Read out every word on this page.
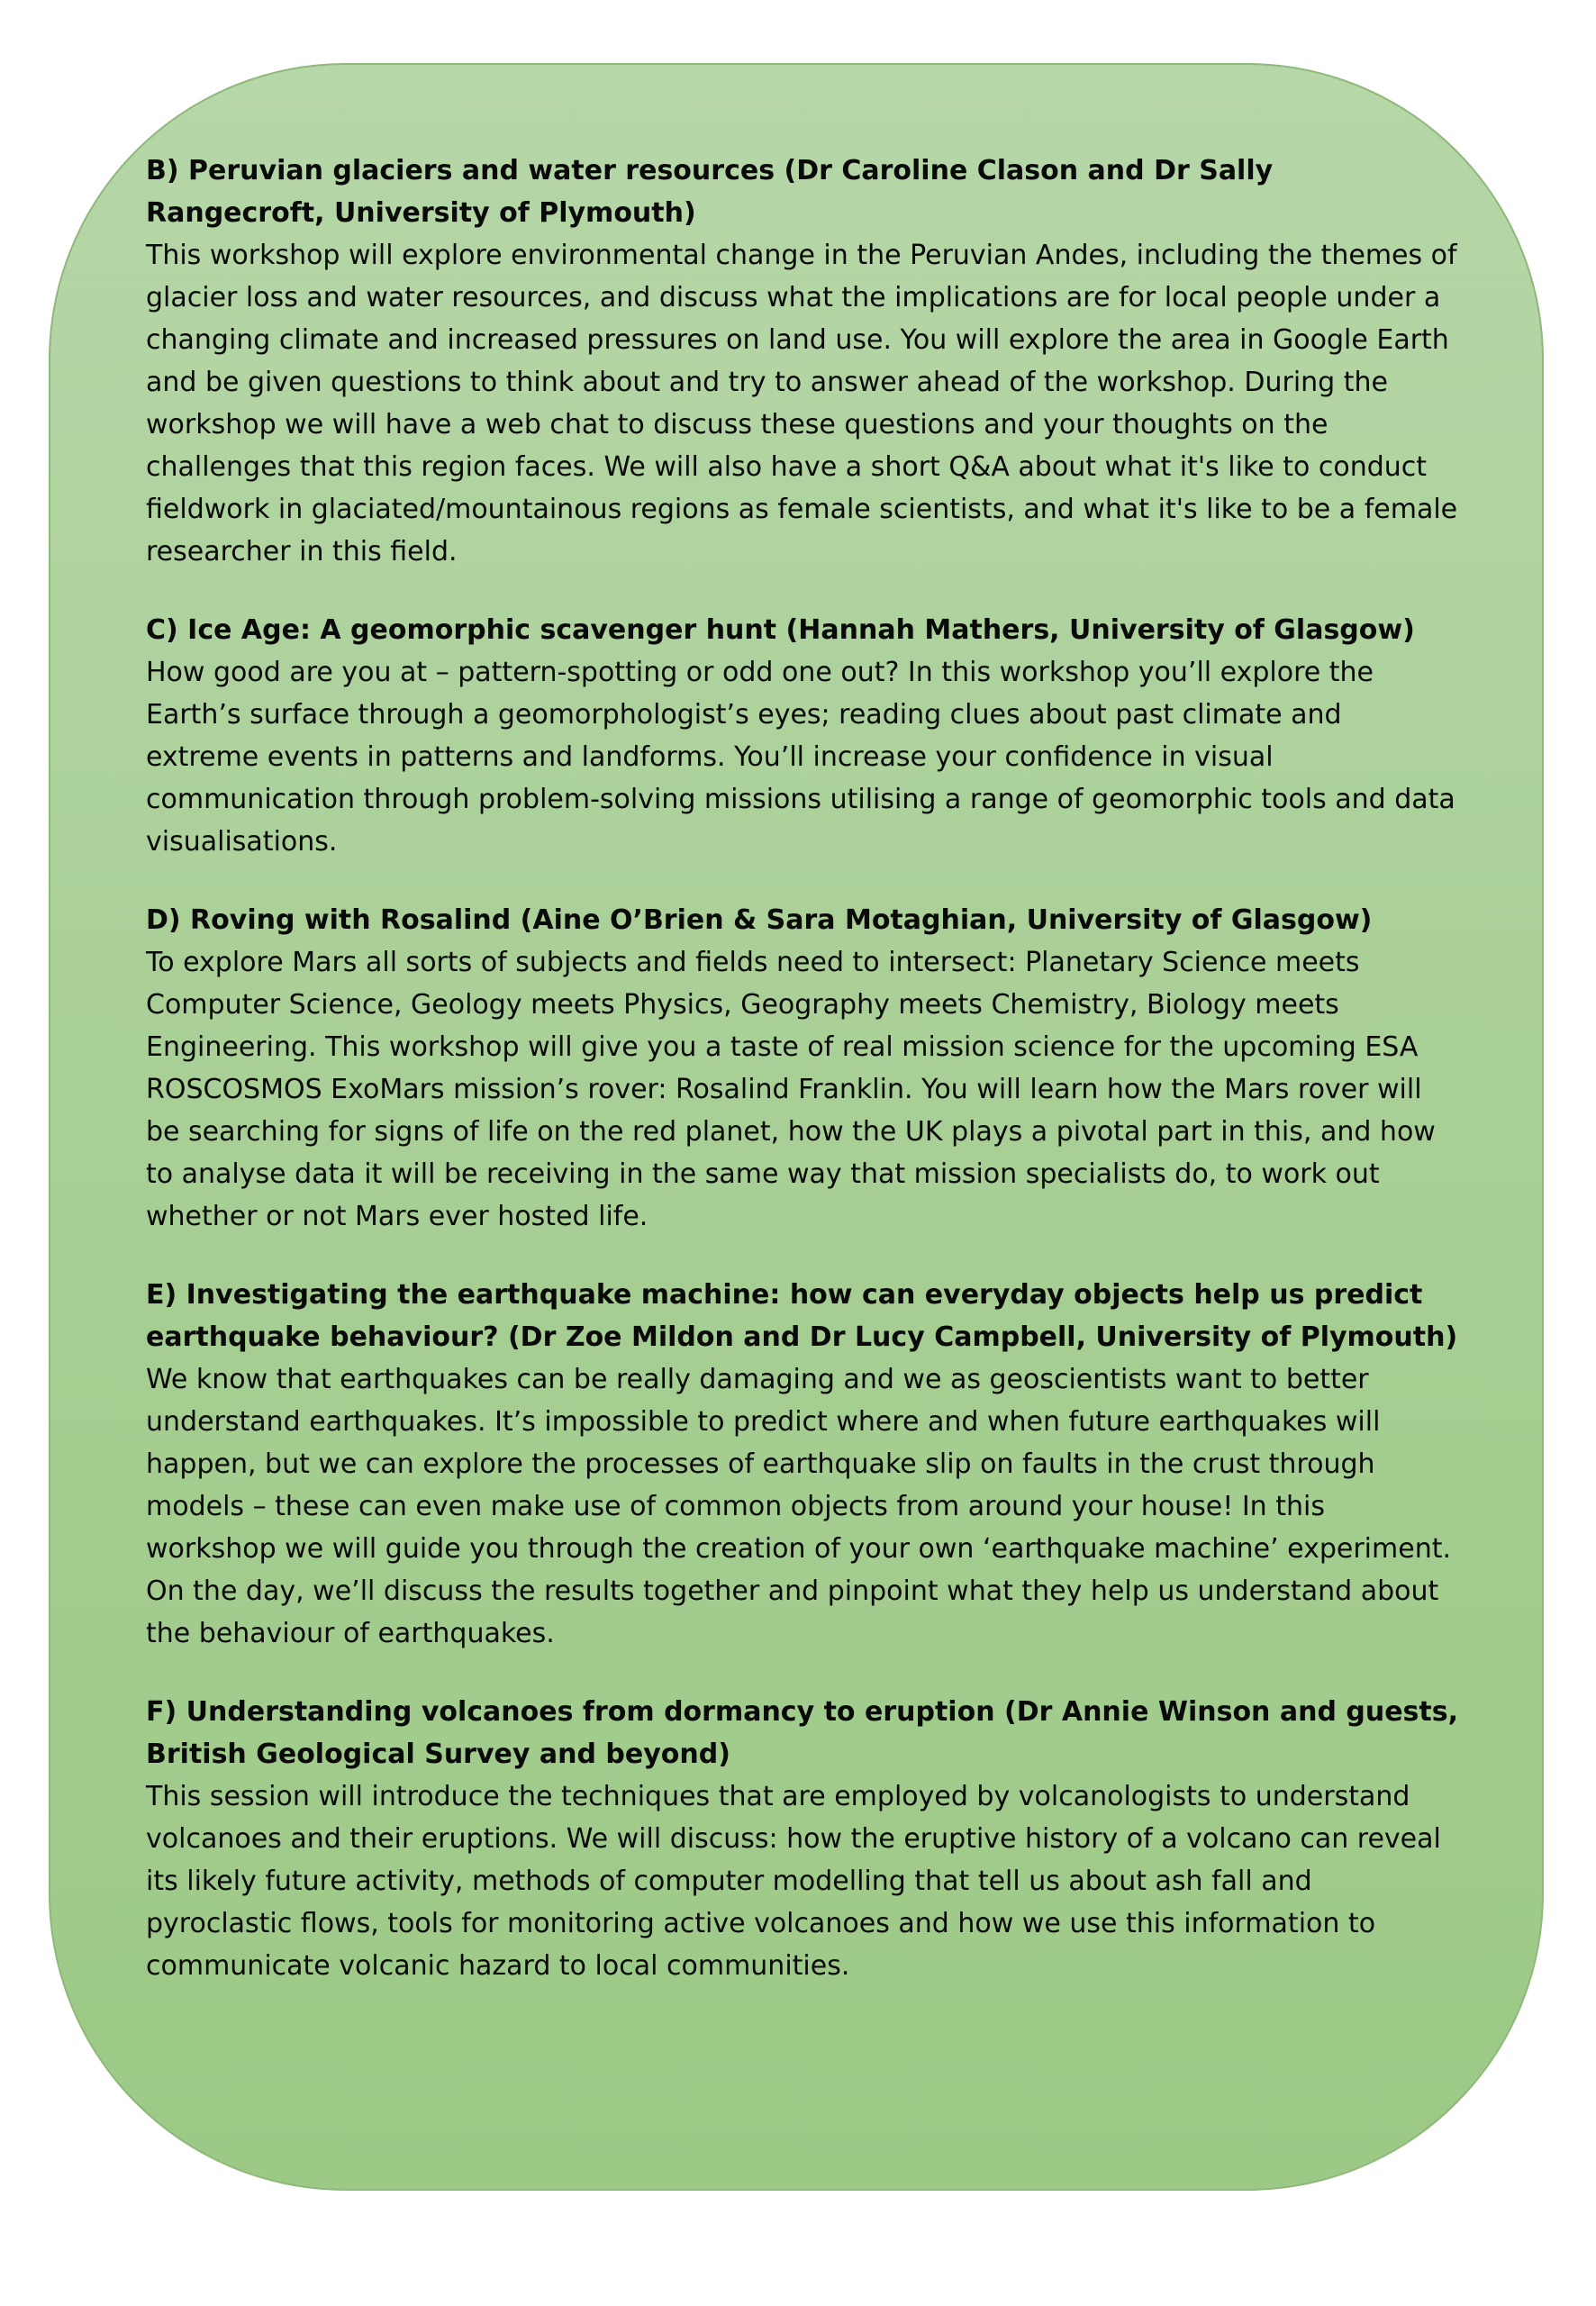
B) Peruvian glaciers and water resources (Dr Caroline Clason and Dr Sally Rangecroft, University of Plymouth)

This workshop will explore environmental change in the Peruvian Andes, including the themes of glacier loss and water resources, and discuss what the implications are for local people under a changing climate and increased pressures on land use. You will explore the area in Google Earth and be given questions to think about and try to answer ahead of the workshop. During the workshop we will have a web chat to discuss these questions and your thoughts on the challenges that this region faces. We will also have a short Q&A about what it's like to conduct fieldwork in glaciated/mountainous regions as female scientists, and what it's like to be a female researcher in this field.

C) Ice Age: A geomorphic scavenger hunt (Hannah Mathers, University of Glasgow)

How good are you at – pattern-spotting or odd one out? In this workshop you’ll explore the Earth’s surface through a geomorphologist’s eyes; reading clues about past climate and extreme events in patterns and landforms. You’ll increase your confidence in visual communication through problem-solving missions utilising a range of geomorphic tools and data visualisations.

D) Roving with Rosalind (Aine O’Brien & Sara Motaghian, University of Glasgow)

To explore Mars all sorts of subjects and fields need to intersect: Planetary Science meets Computer Science, Geology meets Physics, Geography meets Chemistry, Biology meets Engineering. This workshop will give you a taste of real mission science for the upcoming ESA ROSCOSMOS ExoMars mission’s rover: Rosalind Franklin. You will learn how the Mars rover will be searching for signs of life on the red planet, how the UK plays a pivotal part in this, and how to analyse data it will be receiving in the same way that mission specialists do, to work out whether or not Mars ever hosted life.

E) Investigating the earthquake machine: how can everyday objects help us predict earthquake behaviour? (Dr Zoe Mildon and Dr Lucy Campbell, University of Plymouth)

We know that earthquakes can be really damaging and we as geoscientists want to better understand earthquakes. It’s impossible to predict where and when future earthquakes will happen, but we can explore the processes of earthquake slip on faults in the crust through models – these can even make use of common objects from around your house! In this workshop we will guide you through the creation of your own ‘earthquake machine’ experiment. On the day, we’ll discuss the results together and pinpoint what they help us understand about the behaviour of earthquakes.

F) Understanding volcanoes from dormancy to eruption (Dr Annie Winson and guests, British Geological Survey and beyond)

This session will introduce the techniques that are employed by volcanologists to understand volcanoes and their eruptions. We will discuss: how the eruptive history of a volcano can reveal its likely future activity, methods of computer modelling that tell us about ash fall and pyroclastic flows, tools for monitoring active volcanoes and how we use this information to communicate volcanic hazard to local communities.
